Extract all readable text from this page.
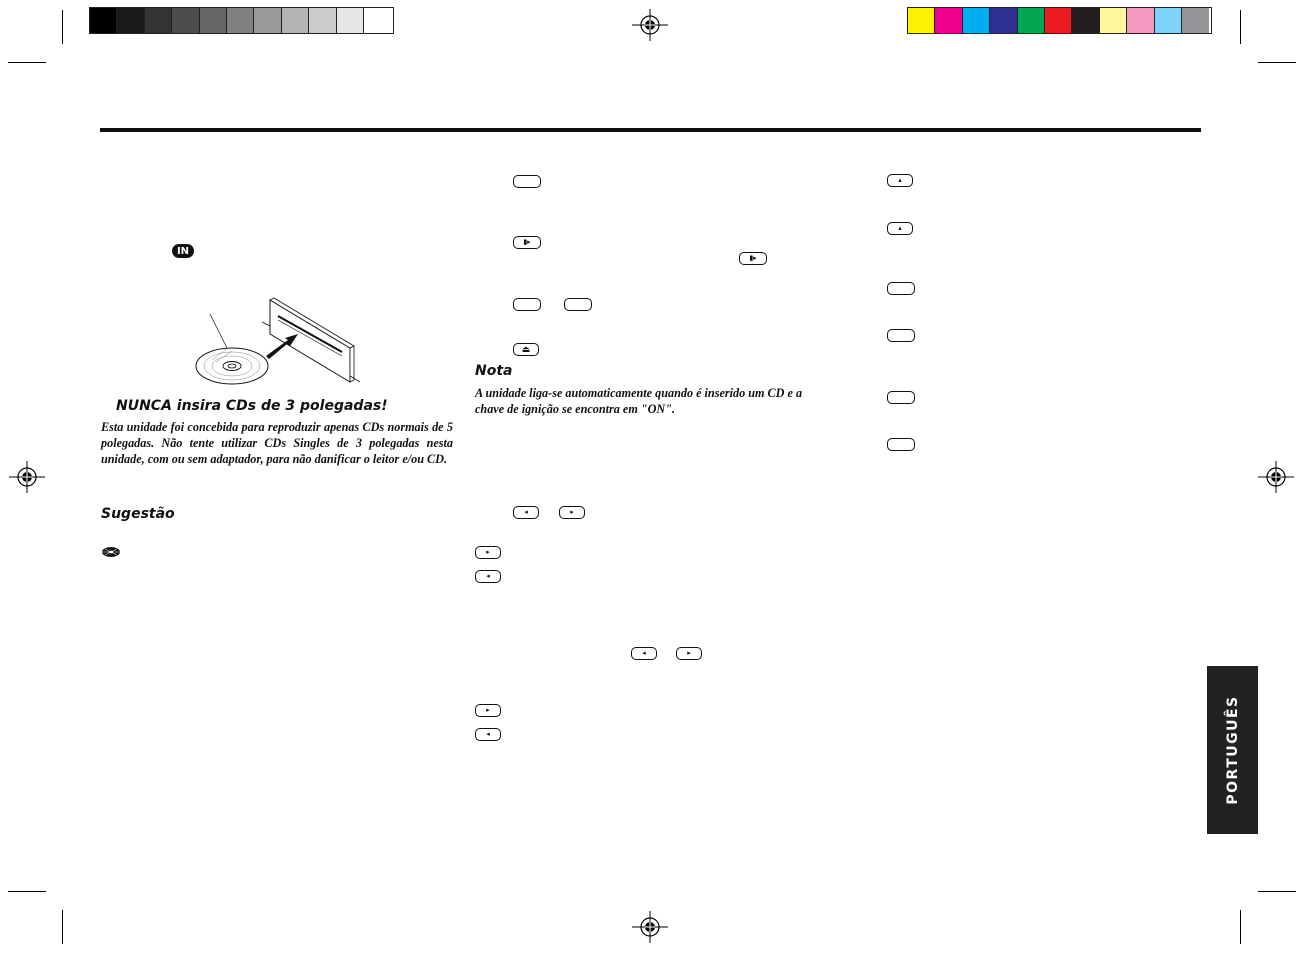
IN
NUNCA insira CDs de 3 polegadas!
Esta unidade foi concebida para reproduzir apenas CDs normais de 5 polegadas. Não tente utilizar CDs Singles de 3 polegadas nesta unidade, com ou sem adaptador, para não danificar o leitor e/ou CD.
Sugestão
▮▸
▮▸
⏏
Nota
A unidade liga-se automaticamente quando é inserido um CD e a chave de ignição se encontra em "ON".
◂	▸
▸
◂
◂	▸
▸
◂
▴
▴
PORTUGUÊS
